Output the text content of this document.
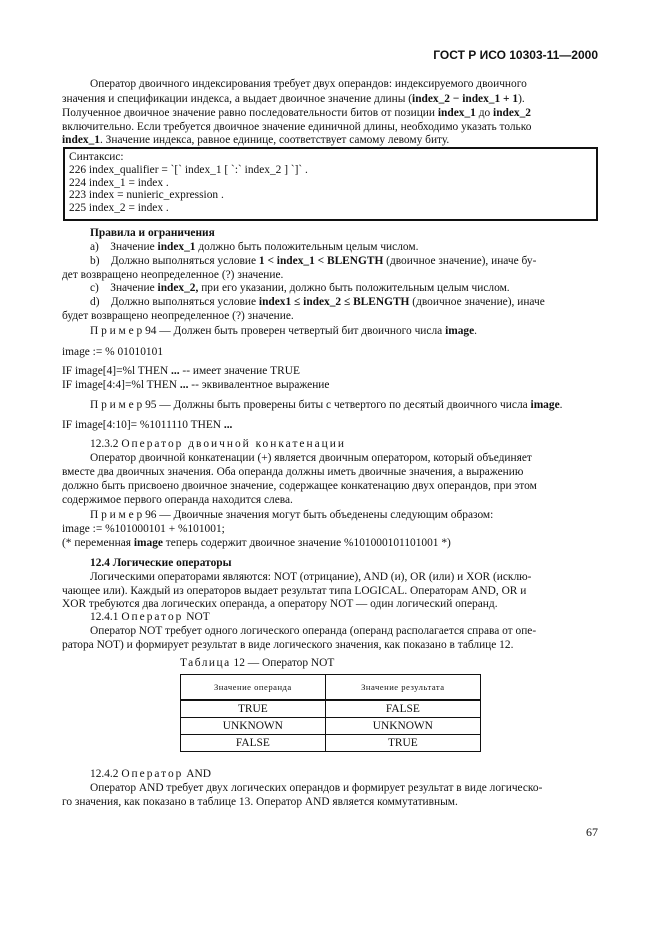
ГОСТ Р ИСО 10303-11—2000
Оператор двоичного индексирования требует двух операндов: индексируемого двоичного
значения и спецификации индекса, а выдает двоичное значение длины (index_2 − index_1 + 1).
Полученное двоичное значение равно последовательности битов от позиции index_1 до index_2
включительно. Если требуется двоичное значение единичной длины, необходимо указать только
index_1. Значение индекса, равное единице, соответствует самому левому биту.
Синтаксис:
226 index_qualifier = `[` index_1 [ `:` index_2 ] `]` .
224 index_1 = index .
223 index = nunieric_expression .
225 index_2 = index .
Правила и ограничения
a) Значение index_1 должно быть положительным целым числом.
b) Должно выполняться условие 1 < index_1 < BLENGTH (двоичное значение), иначе бу-
дет возвращено неопределенное (?) значение.
c) Значение index_2, при его указании, должно быть положительным целым числом.
d) Должно выполняться условие index1 ≤ index_2 ≤ BLENGTH (двоичное значение), иначе
будет возвращено неопределенное (?) значение.
П р и м е р 94 — Должен быть проверен четвертый бит двоичного числа image.
image := % 01010101
IF image[4]=%l THEN ... -- имеет значение TRUE
IF image[4:4]=%l THEN ... -- эквивалентное выражение
П р и м е р 95 — Должны быть проверены биты с четвертого по десятый двоичного числа image.
IF image[4:10]= %1011110 THEN ...
12.3.2 Оператор двоичной конкатенации
Оператор двоичной конкатенации (+) является двоичным оператором, который объединяет
вместе два двоичных значения. Оба операнда должны иметь двоичные значения, а выражению
должно быть присвоено двоичное значение, содержащее конкатенацию двух операндов, при этом
содержимое первого операнда находится слева.
П р и м е р 96 — Двоичные значения могут быть объеденены следующим образом:
image := %101000101 + %101001;
(* переменная image теперь содержит двоичное значение %101000101101001 *)
12.4 Логические операторы
Логическими операторами являются: NOT (отрицание), AND (и), OR (или) и XOR (исклю-
чающее или). Каждый из операторов выдает результат типа LOGICAL. Операторам AND, OR и
XOR требуются два логических операнда, а оператору NOT — один логический операнд.
12.4.1 Оператор NOT
Оператор NOT требует одного логического операнда (операнд располагается справа от опе-
ратора NOT) и формирует результат в виде логического значения, как показано в таблице 12.
Таблица 12 — Оператор NOT
Значение операнда	Значение результата
TRUE	FALSE
UNKNOWN	UNKNOWN
FALSE	TRUE
12.4.2 Оператор AND
Оператор AND требует двух логических операндов и формирует результат в виде логическо-
го значения, как показано в таблице 13. Оператор AND является коммутативным.
67
